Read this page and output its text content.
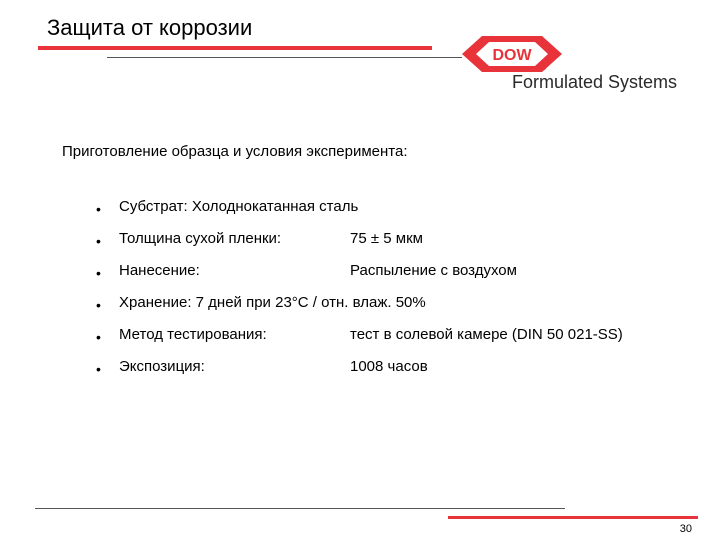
Защита от коррозии
DOW
®
Formulated Systems
Приготовление образца и условия эксперимента:
• Субстрат: Холоднокатанная сталь
• Толщина сухой пленки:	75 ± 5 мкм
• Нанесение:	Распыление с воздухом
• Хранение: 7 дней при 23°C / отн. влаж. 50%
• Метод тестирования:	тест в солевой камере (DIN 50 021-SS)
• Экспозиция:	1008 часов
30
